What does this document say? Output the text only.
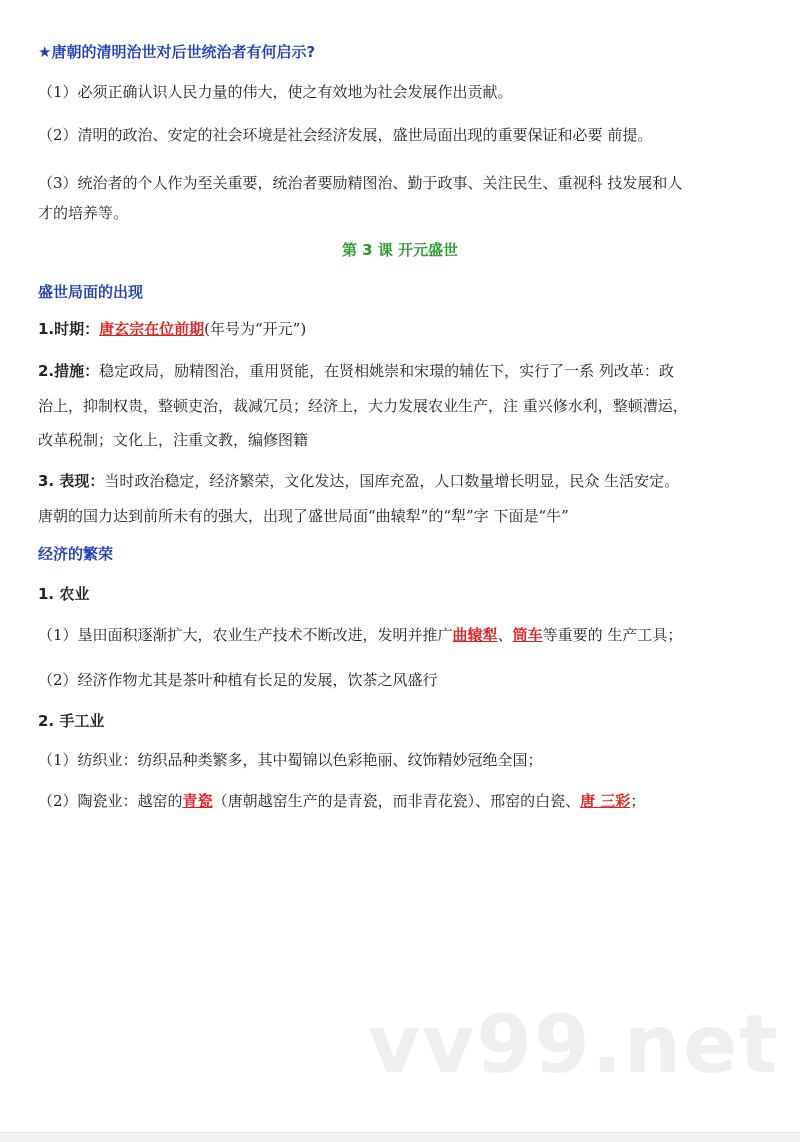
★唐朝的清明治世对后世统治者有何启示?
（1）必须正确认识人民力量的伟大，使之有效地为社会发展作出贡献。
（2）清明的政治、安定的社会环境是社会经济发展，盛世局面出现的重要保证和必要 前提。
（3）统治者的个人作为至关重要，统治者要励精图治、勤于政事、关注民生、重视科 技发展和人
才的培养等。
第 3 课 开元盛世
盛世局面的出现
1.时期：唐玄宗在位前期(年号为“开元”)
2.措施：稳定政局，励精图治，重用贤能，在贤相姚崇和宋璟的辅佐下，实行了一系 列改革：政
治上，抑制权贵，整顿吏治，裁减冗员；经济上，大力发展农业生产，注 重兴修水利，整顿漕运，
改革税制；文化上，注重文教，编修图籍
3. 表现：当时政治稳定，经济繁荣，文化发达，国库充盈，人口数量增长明显，民众 生活安定。
唐朝的国力达到前所未有的强大，出现了盛世局面“曲辕犁”的“犁”字 下面是“牛”
经济的繁荣
1. 农业
（1）垦田面积逐渐扩大，农业生产技术不断改进，发明并推广曲辕犁、筒车等重要的 生产工具；
（2）经济作物尤其是茶叶种植有长足的发展，饮茶之风盛行
2. 手工业
（1）纺织业：纺织品种类繁多，其中蜀锦以色彩艳丽、纹饰精妙冠绝全国；
（2）陶瓷业：越窑的青瓷（唐朝越窑生产的是青瓷，而非青花瓷）、邢窑的白瓷、唐 三彩；
vv99.net
